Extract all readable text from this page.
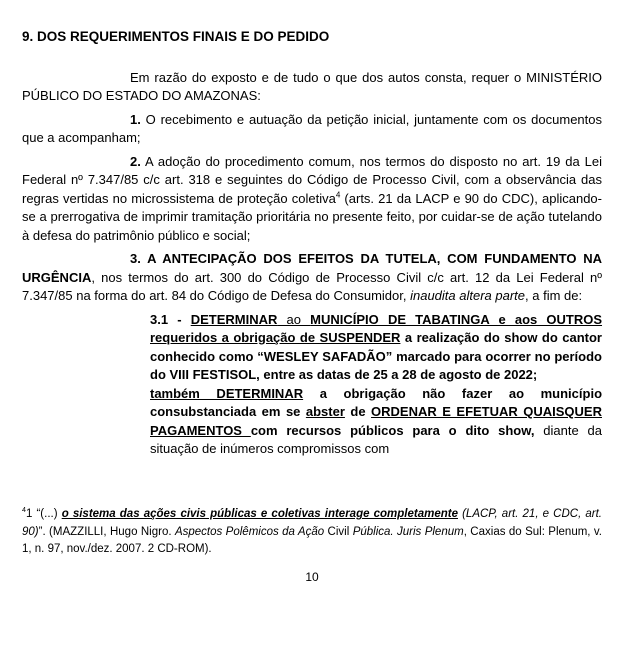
9. DOS REQUERIMENTOS FINAIS E DO PEDIDO

Em razão do exposto e de tudo o que dos autos consta, requer o MINISTÉRIO PÚBLICO DO ESTADO DO AMAZONAS:

1. O recebimento e autuação da petição inicial, juntamente com os documentos que a acompanham;

2. A adoção do procedimento comum, nos termos do disposto no art. 19 da Lei Federal nº 7.347/85 c/c art. 318 e seguintes do Código de Processo Civil, com a observância das regras vertidas no microssistema de proteção coletiva$^4$ (arts. 21 da LACP e 90 do CDC), aplicando-se a prerrogativa de imprimir tramitação prioritária no presente feito, por cuidar-se de ação tutelando à defesa do patrimônio público e social;

3. A ANTECIPAÇÃO DOS EFEITOS DA TUTELA, COM FUNDAMENTO NA URGÊNCIA, nos termos do art. 300 do Código de Processo Civil c/c art. 12 da Lei Federal nº 7.347/85 na forma do art. 84 do Código de Defesa do Consumidor, inaudita altera parte, a fim de:

3.1 - DETERMINAR ao MUNICÍPIO DE TABATINGA e aos OUTROS requeridos a obrigação de SUSPENDER a realização do show do cantor conhecido como “WESLEY SAFADÃO” marcado para ocorrer no período do VIII FESTISOL, entre as datas de 25 a 28 de agosto de 2022;

também DETERMINAR a obrigação não fazer ao município consubstanciada em se abster de ORDENAR E EFETUAR QUAISQUER PAGAMENTOS com recursos públicos para o dito show, diante da situação de inúmeros compromissos com

$^4$1 “(...) o sistema das ações civis públicas e coletivas interage completamente (LACP, art. 21, e CDC, art. 90)”. (MAZZILLI, Hugo Nigro. Aspectos Polêmicos da Ação Civil Pública. Juris Plenum, Caxias do Sul: Plenum, v. 1, n. 97, nov./dez. 2007. 2 CD-ROM).
10
